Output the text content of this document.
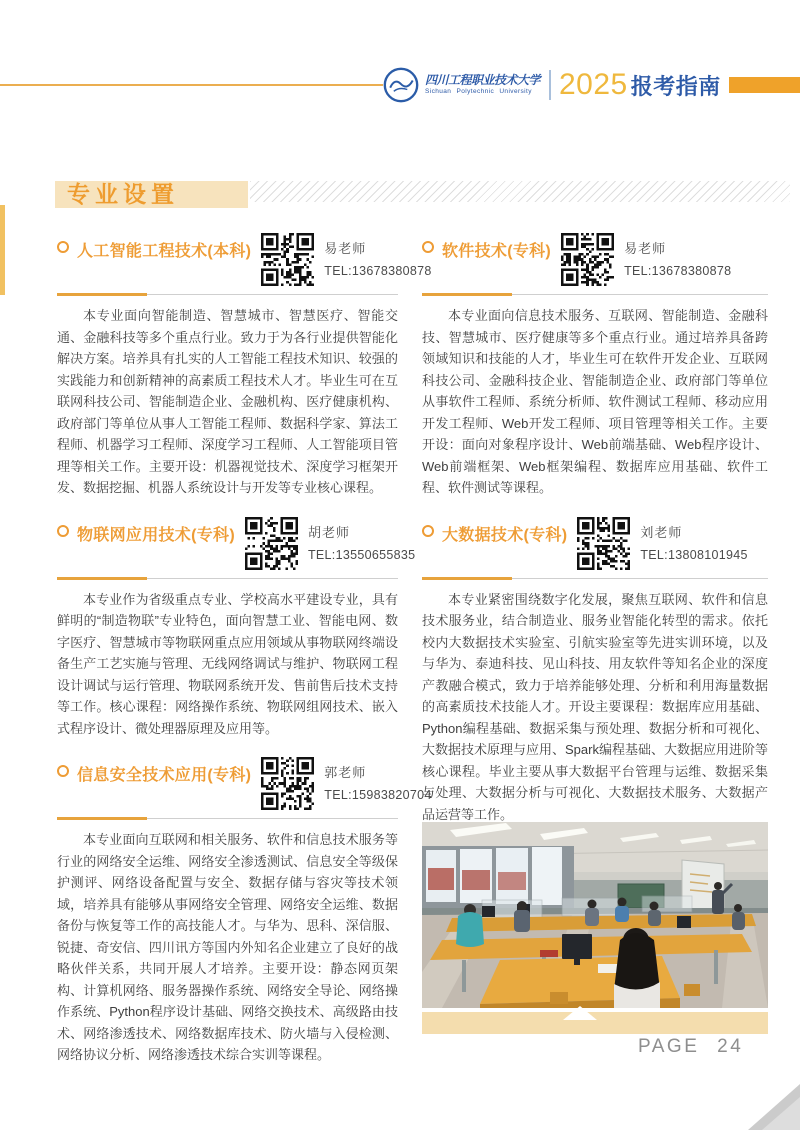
四川工程职业技术大学
Sichuan Polytechnic University 2025 报考指南
专业设置
人工智能工程技术(本科)	易老师
TEL:13678380878

本专业面向智能制造、智慧城市、智慧医疗、智能交通、金融科技等多个重点行业。致力于为各行业提供智能化解决方案。培养具有扎实的人工智能工程技术知识、较强的实践能力和创新精神的高素质工程技术人才。毕业生可在互联网科技公司、智能制造企业、金融机构、医疗健康机构、政府部门等单位从事人工智能工程师、数据科学家、算法工程师、机器学习工程师、深度学习工程师、人工智能项目管理等相关工作。主要开设：机器视觉技术、深度学习框架开发、数据挖掘、机器人系统设计与开发等专业核心课程。

物联网应用技术(专科)	胡老师
TEL:13550655835

本专业作为省级重点专业、学校高水平建设专业，具有鲜明的“制造物联”专业特色，面向智慧工业、智能电网、数字医疗、智慧城市等物联网重点应用领域从事物联网终端设备生产工艺实施与管理、无线网络调试与维护、物联网工程设计调试与运行管理、物联网系统开发、售前售后技术支持等工作。核心课程：网络操作系统、物联网组网技术、嵌入式程序设计、微处理器原理及应用等。

信息安全技术应用(专科)	郭老师
TEL:15983820704

本专业面向互联网和相关服务、软件和信息技术服务等行业的网络安全运维、网络安全渗透测试、信息安全等级保护测评、网络设备配置与安全、数据存储与容灾等技术领域，培养具有能够从事网络安全管理、网络安全运维、数据备份与恢复等工作的高技能人才。与华为、思科、深信服、锐捷、奇安信、四川讯方等国内外知名企业建立了良好的战略伙伴关系，共同开展人才培养。主要开设：静态网页架构、计算机网络、服务器操作系统、网络安全导论、网络操作系统、Python程序设计基础、网络交换技术、高级路由技术、网络渗透技术、网络数据库技术、防火墙与入侵检测、网络协议分析、网络渗透技术综合实训等课程。

软件技术(专科)	易老师
TEL:13678380878

本专业面向信息技术服务、互联网、智能制造、金融科技、智慧城市、医疗健康等多个重点行业。通过培养具备跨领域知识和技能的人才，毕业生可在软件开发企业、互联网科技公司、金融科技企业、智能制造企业、政府部门等单位从事软件工程师、系统分析师、软件测试工程师、移动应用开发工程师、Web开发工程师、项目管理等相关工作。主要开设：面向对象程序设计、Web前端基础、Web程序设计、Web前端框架、Web框架编程、数据库应用基础、软件工程、软件测试等课程。

大数据技术(专科)	刘老师
TEL:13808101945

本专业紧密围绕数字化发展，聚焦互联网、软件和信息技术服务业，结合制造业、服务业智能化转型的需求。依托校内大数据技术实验室、引航实验室等先进实训环境，以及与华为、泰迪科技、见山科技、用友软件等知名企业的深度产教融合模式，致力于培养能够处理、分析和利用海量数据的高素质技术技能人才。开设主要课程：数据库应用基础、Python编程基础、数据采集与预处理、数据分析和可视化、大数据技术原理与应用、Spark编程基础、大数据应用进阶等核心课程。毕业主要从事大数据平台管理与运维、数据采集与处理、大数据分析与可视化、大数据技术服务、大数据产品运营等工作。

PAGE 24
